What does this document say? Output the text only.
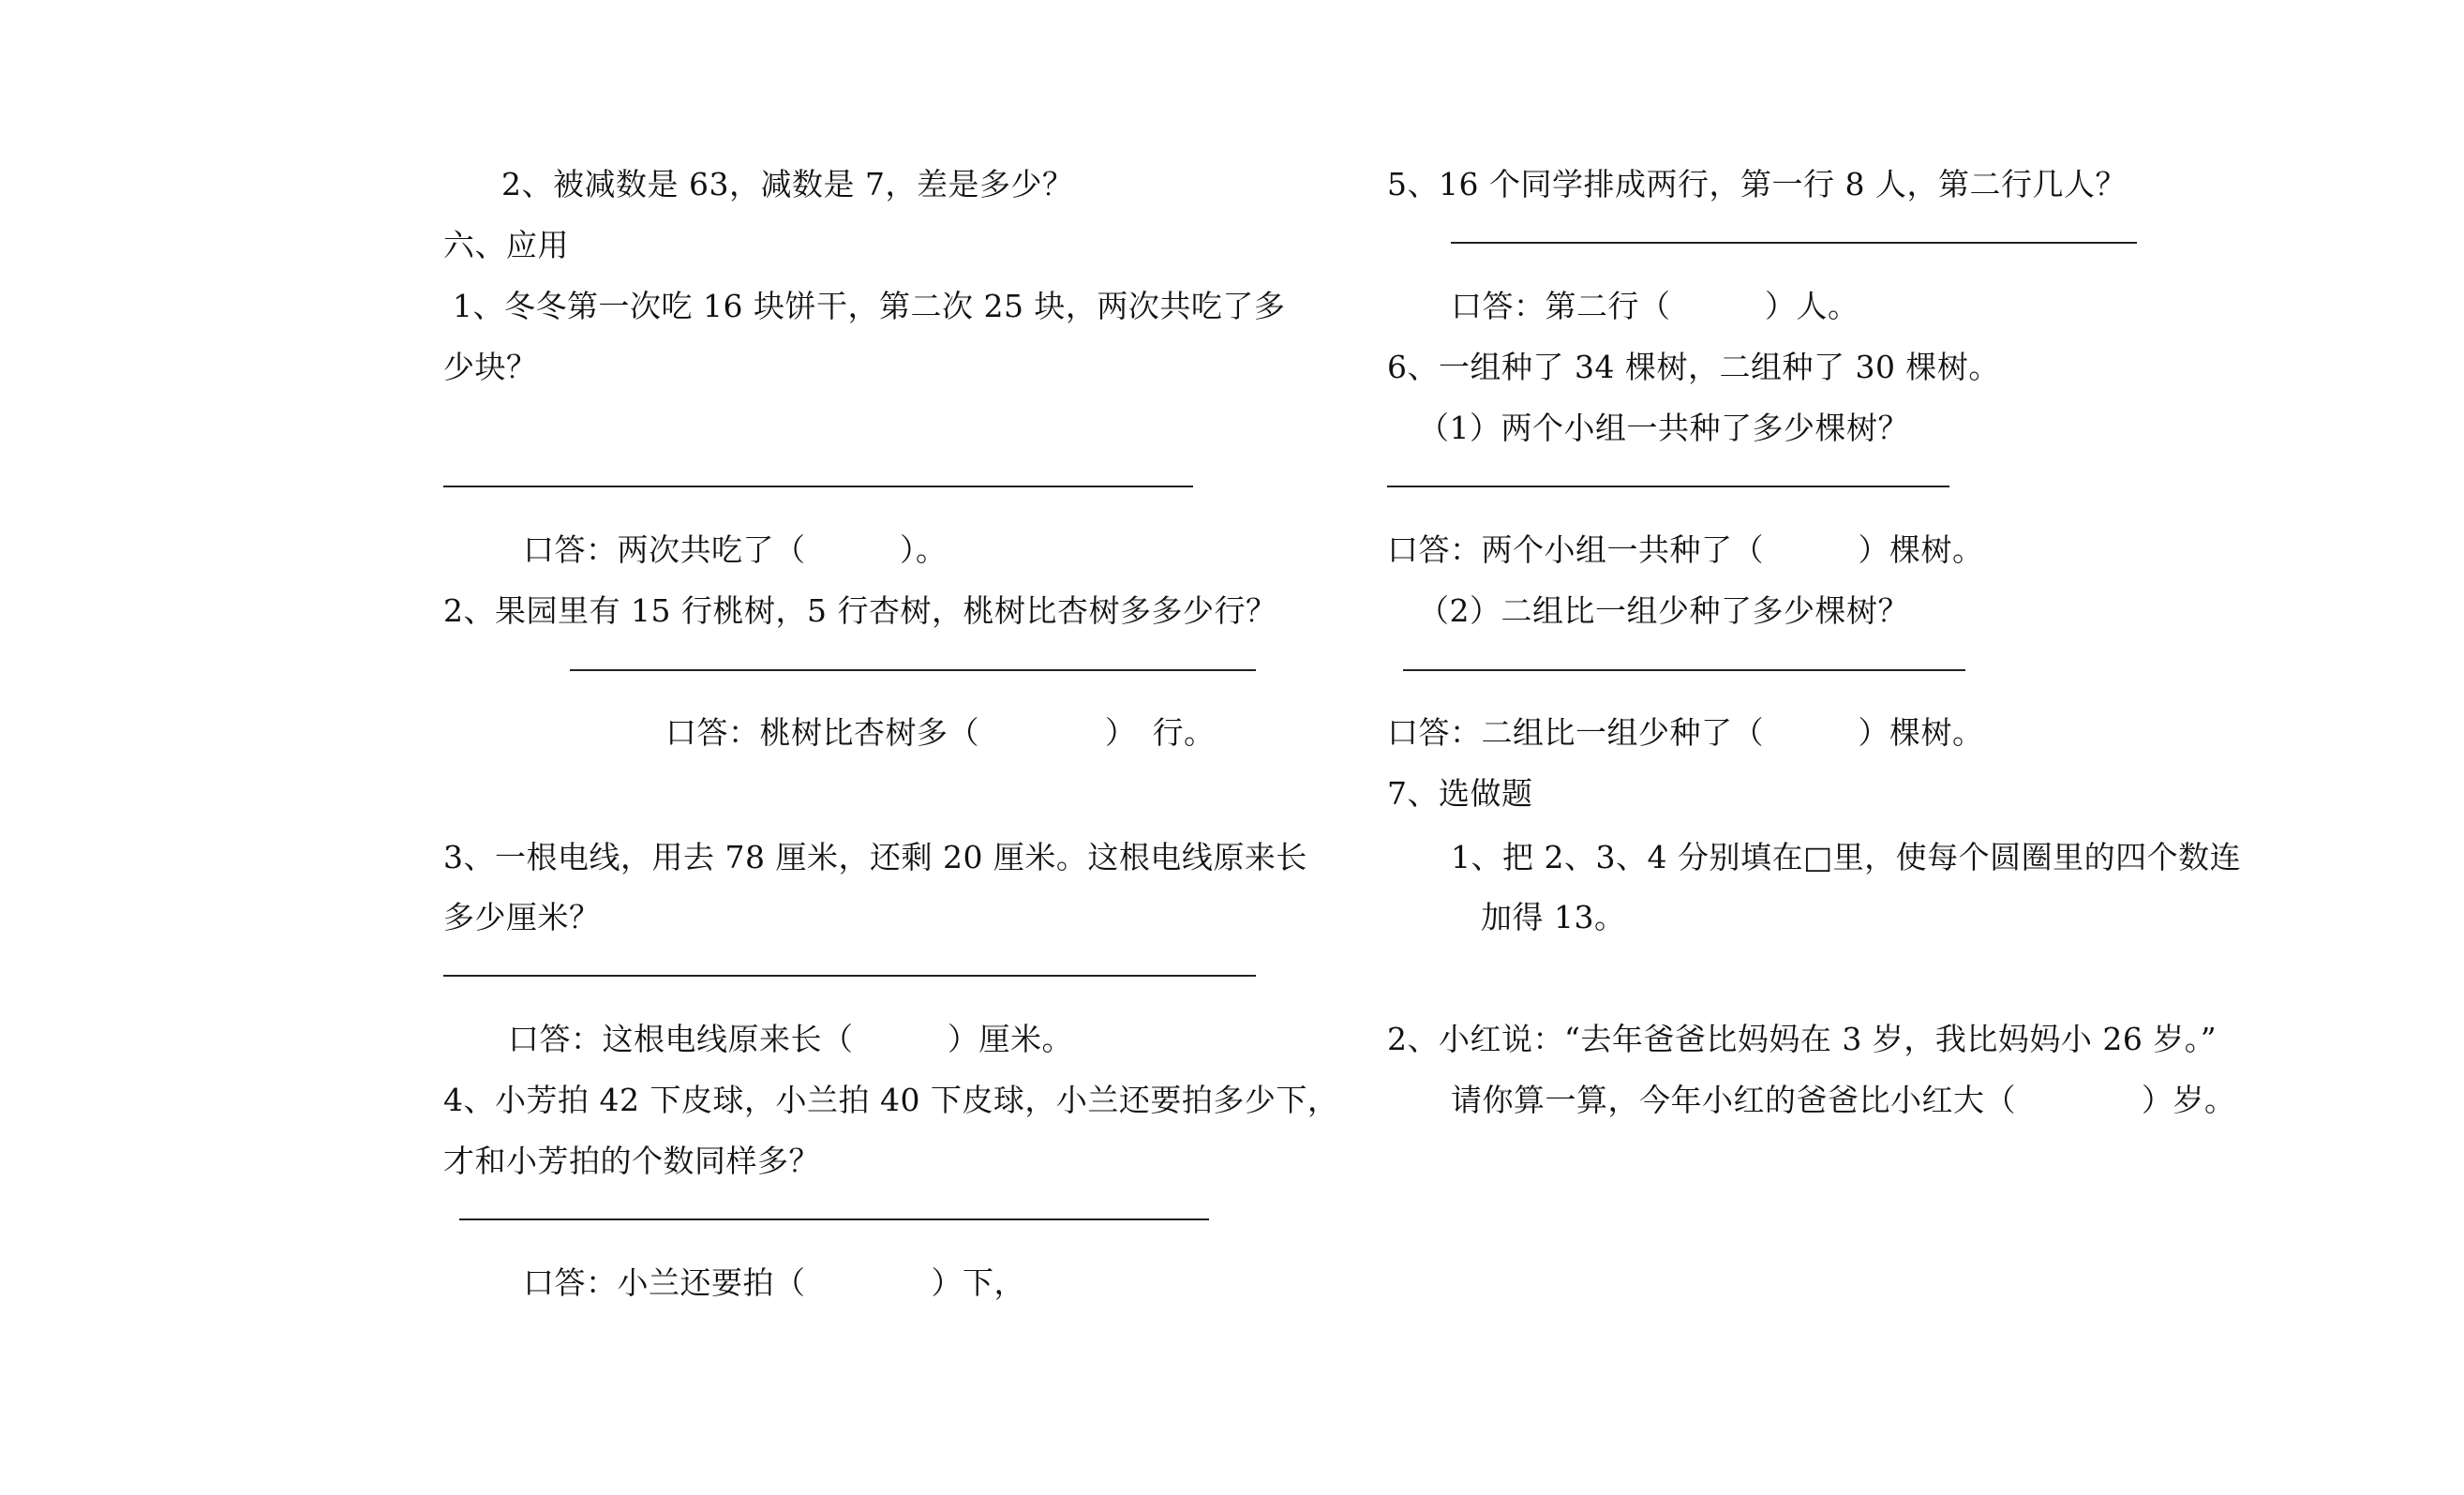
2、被减数是 63，减数是 7，差是多少？
六、应用
1、冬冬第一次吃 16 块饼干，第二次 25 块，两次共吃了多
少块？
口答：两次共吃了（　　　）。
2、果园里有 15 行桃树，5 行杏树，桃树比杏树多多少行？
口答：桃树比杏树多（　　　　）　行。
3、一根电线，用去 78 厘米，还剩 20 厘米。这根电线原来长
多少厘米？
口答：这根电线原来长（　　　）厘米。
4、小芳拍 42 下皮球，小兰拍 40 下皮球，小兰还要拍多少下，
才和小芳拍的个数同样多？
口答：小兰还要拍（　　　　）下，
5、16 个同学排成两行，第一行 8 人，第二行几人？
口答：第二行（　　　）人。
6、一组种了 34 棵树，二组种了 30 棵树。
（1）两个小组一共种了多少棵树？
口答：两个小组一共种了（　　　）棵树。
（2）二组比一组少种了多少棵树？
口答：二组比一组少种了（　　　）棵树。
7、选做题
1、把 2、3、4 分别填在□里，使每个圆圈里的四个数连
加得 13。
2、小红说：“去年爸爸比妈妈在 3 岁，我比妈妈小 26 岁。”
请你算一算，今年小红的爸爸比小红大（　　　　）岁。
